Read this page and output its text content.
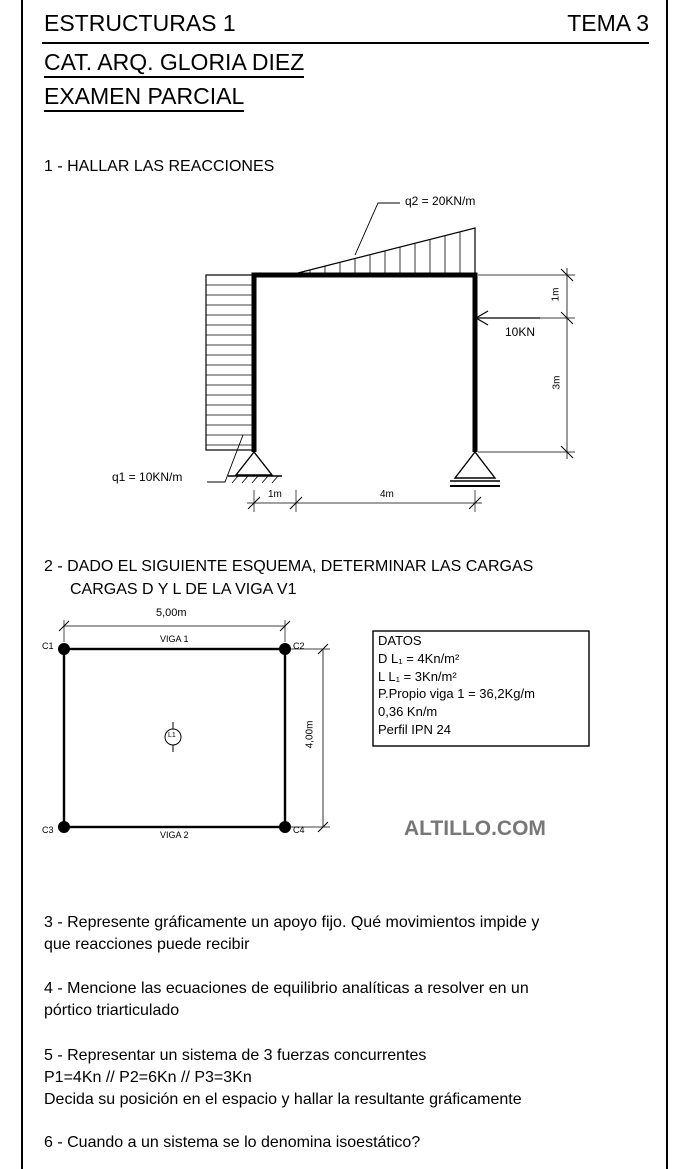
ESTRUCTURAS 1	TEMA 3
CAT. ARQ. GLORIA DIEZ
EXAMEN PARCIAL
1 - HALLAR LAS REACCIONES
q2 = 20KN/m
q1 = 10KN/m
10KN
1m
3m
1m	4m
2 - DADO EL SIGUIENTE ESQUEMA, DETERMINAR LAS CARGAS
CARGAS D Y L DE LA VIGA V1
5,00m
4,00m
VIGA 1
VIGA 2
L1
C1	C2
C3	C4
DATOS
D L₁ = 4Kn/m²
L L₁ = 3Kn/m²
P.Propio viga 1 = 36,2Kg/m
0,36 Kn/m
Perfil IPN 24
ALTILLO.COM
3 - Represente gráficamente un apoyo fijo. Qué movimientos impide y
que reacciones puede recibir
4 - Mencione las ecuaciones de equilibrio analíticas a resolver en un
pórtico triarticulado
5 - Representar un sistema de 3 fuerzas concurrentes
P1=4Kn // P2=6Kn // P3=3Kn
Decida su posición en el espacio y hallar la resultante gráficamente
6 - Cuando a un sistema se lo denomina isoestático?
